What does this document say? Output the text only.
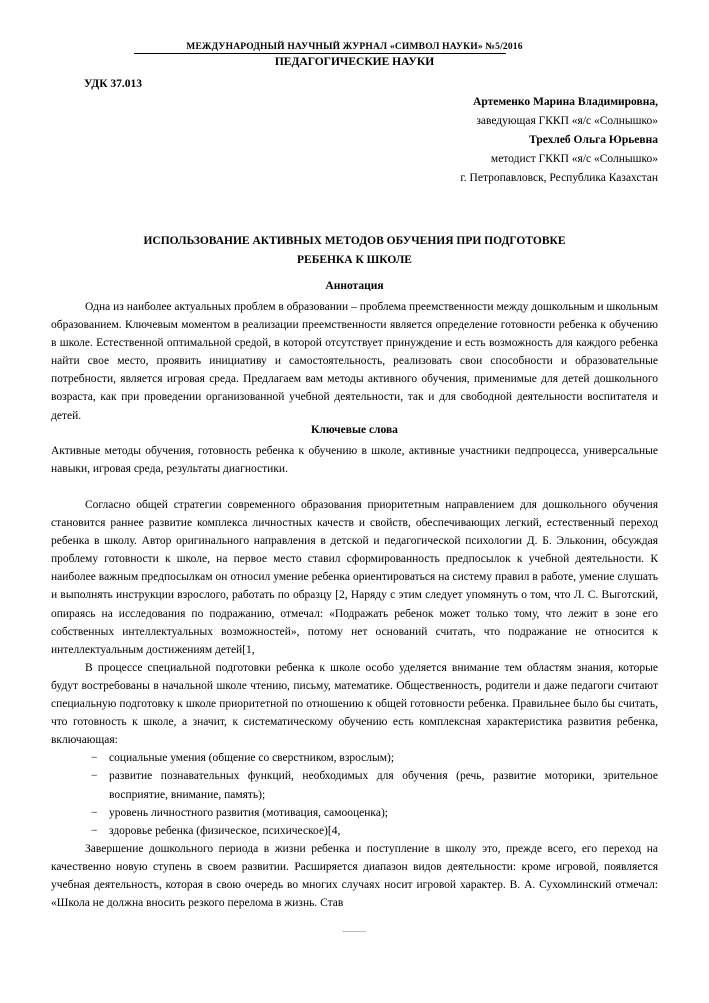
МЕЖДУНАРОДНЫЙ НАУЧНЫЙ ЖУРНАЛ «СИМВОЛ НАУКИ» №5/2016
ПЕДАГОГИЧЕСКИЕ НАУКИ
УДК 37.013
Артеменко Марина Владимировна,
заведующая ГККП «я/с «Солнышко»
Трехлеб Ольга Юрьевна
методист ГККП «я/с «Солнышко»
г. Петропавловск, Республика Казахстан
ИСПОЛЬЗОВАНИЕ АКТИВНЫХ МЕТОДОВ ОБУЧЕНИЯ ПРИ ПОДГОТОВКЕ
РЕБЕНКА К ШКОЛЕ
Аннотация

Одна из наиболее актуальных проблем в образовании – проблема преемственности между дошкольным и школьным образованием. Ключевым моментом в реализации преемственности является определение готовности ребенка к обучению в школе. Естественной оптимальной средой, в которой отсутствует принуждение и есть возможность для каждого ребенка найти свое место, проявить инициативу и самостоятельность, реализовать свои способности и образовательные потребности, является игровая среда. Предлагаем вам методы активного обучения, применимые для детей дошкольного возраста, как при проведении организованной учебной деятельности, так и для свободной деятельности воспитателя и детей.

Ключевые слова

Активные методы обучения, готовность ребенка к обучению в школе, активные участники педпроцесса, универсальные навыки, игровая среда, результаты диагностики.

Согласно общей стратегии современного образования приоритетным направлением для дошкольного обучения становится раннее развитие комплекса личностных качеств и свойств, обеспечивающих легкий, естественный переход ребенка в школу. Автор оригинального направления в детской и педагогической психологии Д. Б. Эльконин, обсуждая проблему готовности к школе, на первое место ставил сформированность предпосылок к учебной деятельности. К наиболее важным предпосылкам он относил умение ребенка ориентироваться на систему правил в работе, умение слушать и выполнять инструкции взрослого, работать по образцу [2, Наряду с этим следует упомянуть о том, что Л. С. Выготский, опираясь на исследования по подражанию, отмечал: «Подражать ребенок может только тому, что лежит в зоне его собственных интеллектуальных возможностей», потому нет оснований считать, что подражание не относится к интеллектуальным достижениям детей[1,

В процессе специальной подготовки ребенка к школе особо уделяется внимание тем областям знания, которые будут востребованы в начальной школе чтению, письму, математике. Общественность, родители и даже педагоги считают специальную подготовку к школе приоритетной по отношению к общей готовности ребенка. Правильнее было бы считать, что готовность к школе, а значит, к систематическому обучению есть комплексная характеристика развития ребенка, включающая:

− социальные умения (общение со сверстником, взрослым);
− развитие познавательных функций, необходимых для обучения (речь, развитие моторики, зрительное восприятие, внимание, память);
− уровень личностного развития (мотивация, самооценка);
− здоровье ребенка (физическое, психическое)[4,

Завершение дошкольного периода в жизни ребенка и поступление в школу это, прежде всего, его переход на качественно новую ступень в своем развитии. Расширяется диапазон видов деятельности: кроме игровой, появляется учебная деятельность, которая в свою очередь во многих случаях носит игровой характер. В. А. Сухомлинский отмечал: «Школа не должна вносить резкого перелома в жизнь. Став
